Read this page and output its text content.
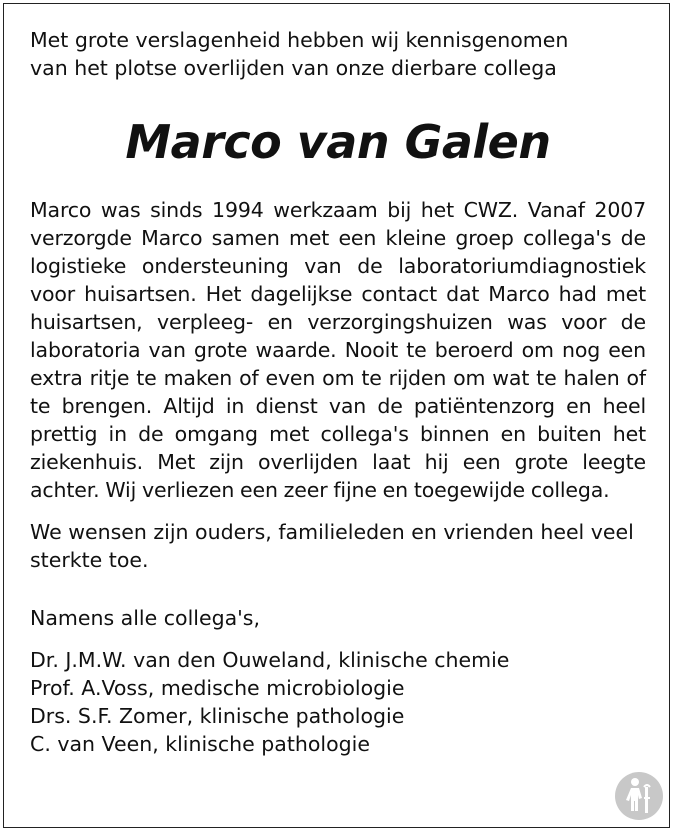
Met grote verslagenheid hebben wij kennisgenomen
van het plotse overlijden van onze dierbare collega

Marco van Galen

Marco was sinds 1994 werkzaam bij het CWZ. Vanaf 2007 verzorgde Marco samen met een kleine groep collega's de logistieke ondersteuning van de laboratoriumdiagnostiek voor huisartsen. Het dagelijkse contact dat Marco had met huisartsen, verpleeg- en verzorgingshuizen was voor de laboratoria van grote waarde. Nooit te beroerd om nog een extra ritje te maken of even om te rijden om wat te halen of te brengen. Altijd in dienst van de patiëntenzorg en heel prettig in de omgang met collega's binnen en buiten het ziekenhuis. Met zijn overlijden laat hij een grote leegte achter. Wij verliezen een zeer fijne en toegewijde collega.

We wensen zijn ouders, familieleden en vrienden heel veel sterkte toe.

Namens alle collega's,

Dr. J.M.W. van den Ouweland, klinische chemie
Prof. A.Voss, medische microbiologie
Drs. S.F. Zomer, klinische pathologie
C. van Veen, klinische pathologie
